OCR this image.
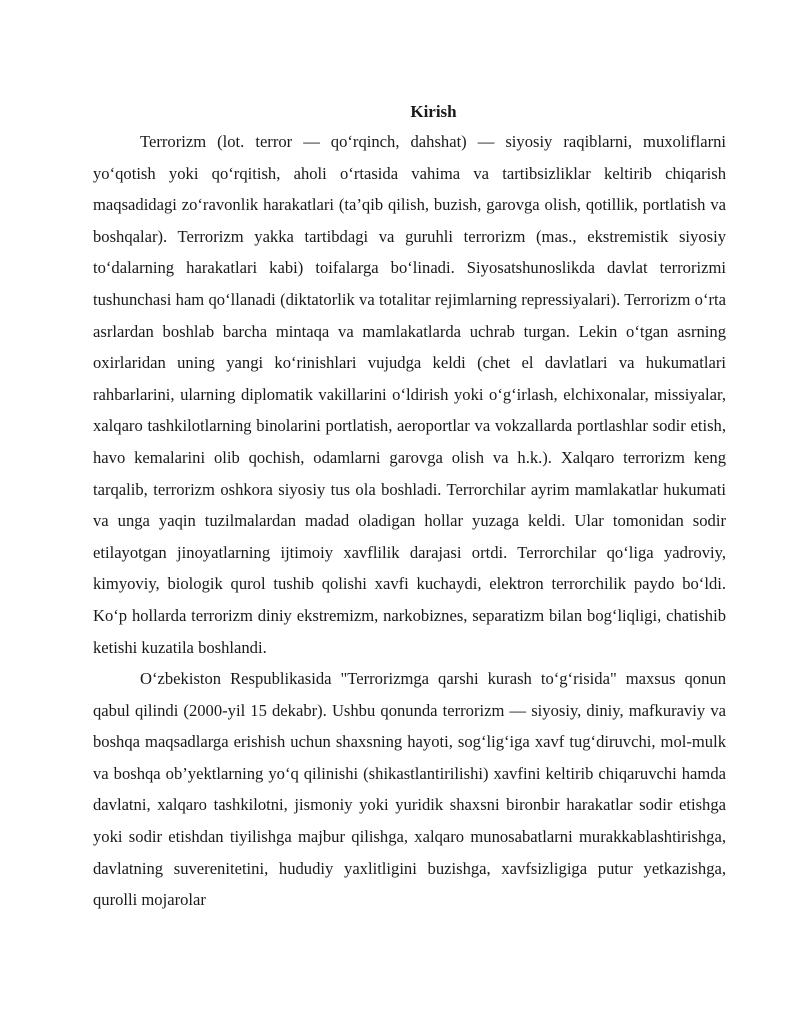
Kirish

Terrorizm (lot. terror — qo‘rqinch, dahshat) — siyosiy raqiblarni, muxoliflarni yo‘qotish yoki qo‘rqitish, aholi o‘rtasida vahima va tartibsizliklar keltirib chiqarish maqsadidagi zo‘ravonlik harakatlari (ta’qib qilish, buzish, garovga olish, qotillik, portlatish va boshqalar). Terrorizm yakka tartibdagi va guruhli terrorizm (mas., ekstremistik siyosiy to‘dalarning harakatlari kabi) toifalarga bo‘linadi. Siyosatshunoslikda davlat terrorizmi tushunchasi ham qo‘llanadi (diktatorlik va totalitar rejimlarning repressiyalari). Terrorizm o‘rta asrlardan boshlab barcha mintaqa va mamlakatlarda uchrab turgan. Lekin o‘tgan asrning oxirlaridan uning yangi ko‘rinishlari vujudga keldi (chet el davlatlari va hukumatlari rahbarlarini, ularning diplomatik vakillarini o‘ldirish yoki o‘g‘irlash, elchixonalar, missiyalar, xalqaro tashkilotlarning binolarini portlatish, aeroportlar va vokzallarda portlashlar sodir etish, havo kemalarini olib qochish, odamlarni garovga olish va h.k.). Xalqaro terrorizm keng tarqalib, terrorizm oshkora siyosiy tus ola boshladi. Terrorchilar ayrim mamlakatlar hukumati va unga yaqin tuzilmalardan madad oladigan hollar yuzaga keldi. Ular tomonidan sodir etilayotgan jinoyatlarning ijtimoiy xavflilik darajasi ortdi. Terrorchilar qo‘liga yadroviy, kimyoviy, biologik qurol tushib qolishi xavfi kuchaydi, elektron terrorchilik paydo bo‘ldi. Ko‘p hollarda terrorizm diniy ekstremizm, narkobiznes, separatizm bilan bog‘liqligi, chatishib ketishi kuzatila boshlandi.

O‘zbekiston Respublikasida "Terrorizmga qarshi kurash to‘g‘risida" maxsus qonun qabul qilindi (2000-yil 15 dekabr). Ushbu qonunda terrorizm — siyosiy, diniy, mafkuraviy va boshqa maqsadlarga erishish uchun shaxsning hayoti, sog‘lig‘iga xavf tug‘diruvchi, mol-mulk va boshqa ob’yektlarning yo‘q qilinishi (shikastlantirilishi) xavfini keltirib chiqaruvchi hamda davlatni, xalqaro tashkilotni, jismoniy yoki yuridik shaxsni bironbir harakatlar sodir etishga yoki sodir etishdan tiyilishga majbur qilishga, xalqaro munosabatlarni murakkablashtirishga, davlatning suverenitetini, hududiy yaxlitligini buzishga, xavfsizligiga putur yetkazishga, qurolli mojarolar
